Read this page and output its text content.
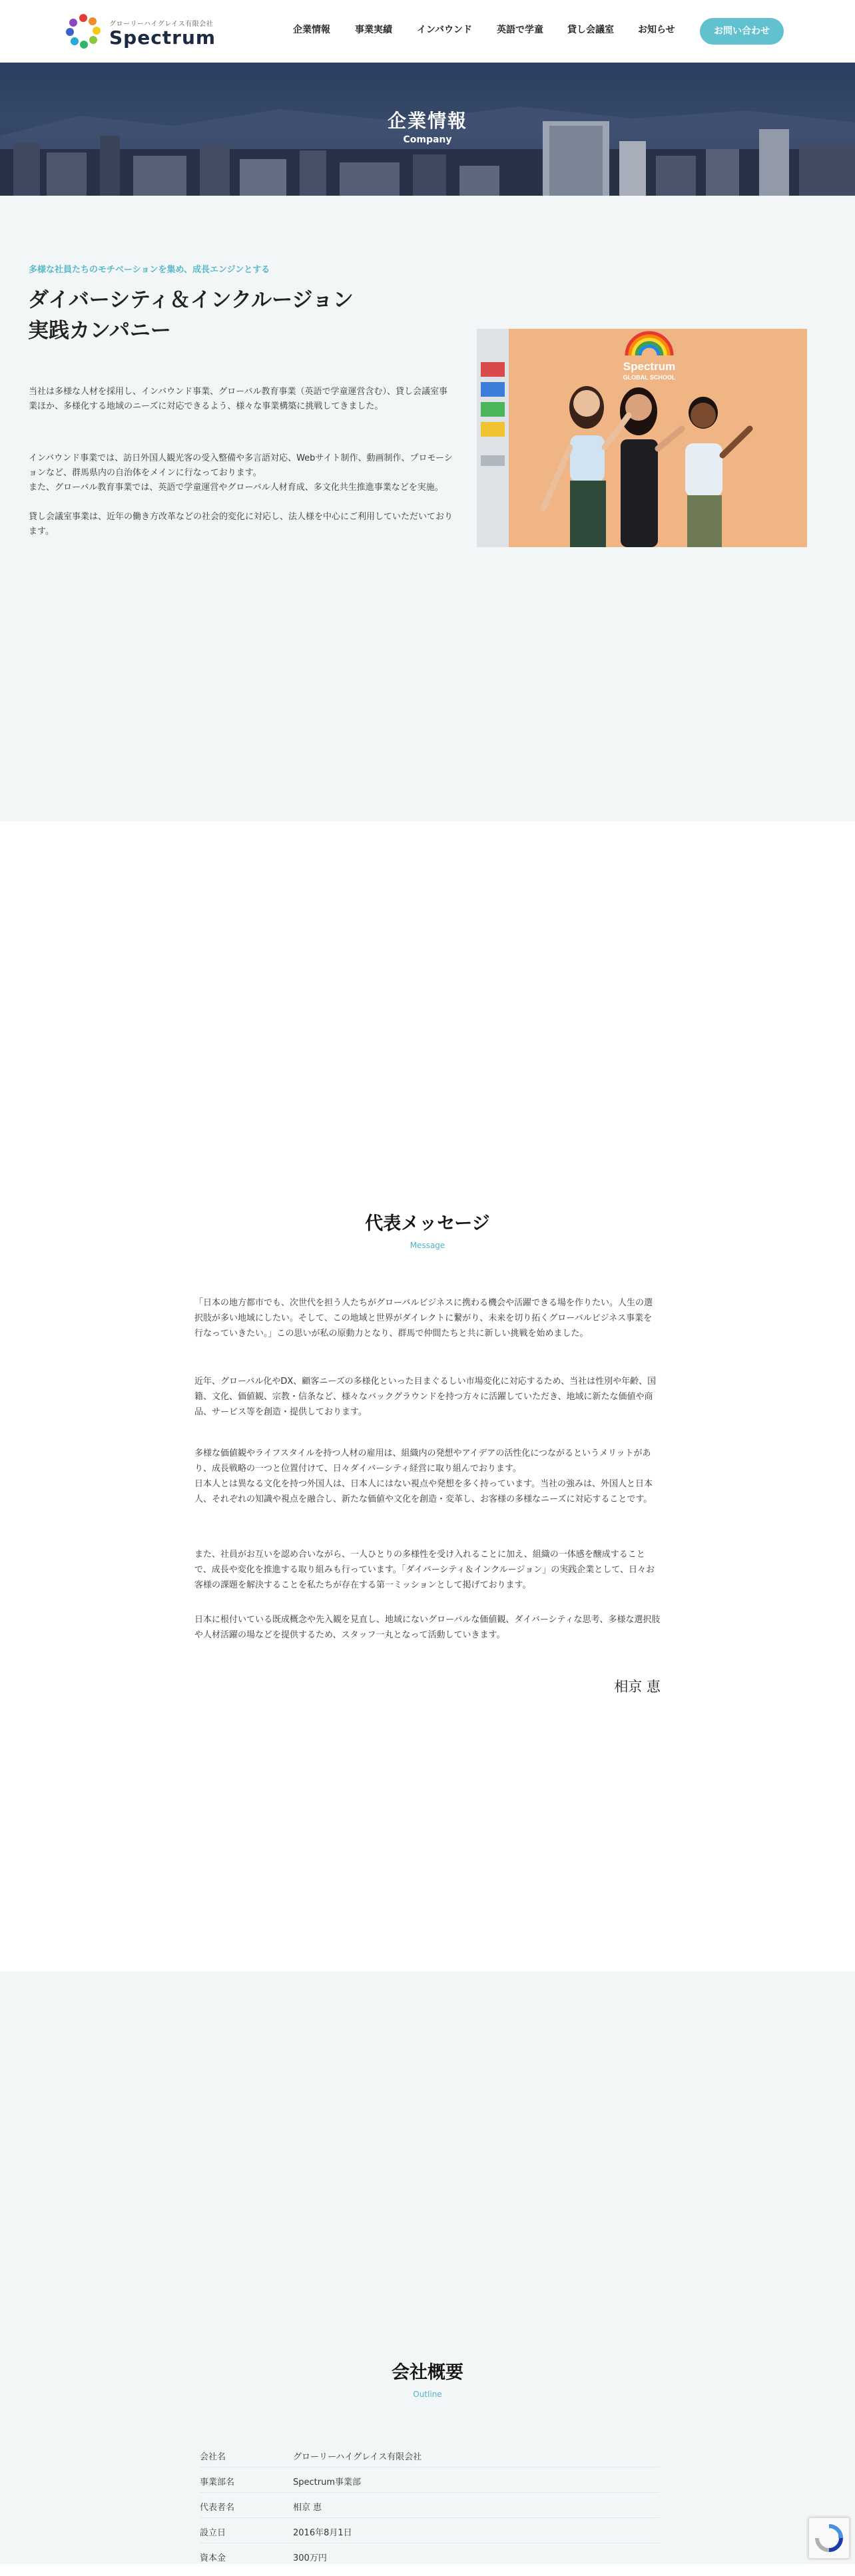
グローリーハイグレイス有限会社
Spectrum	企業情報	事業実績	インバウンド	英語で学童	貸し会議室	お知らせ	お問い合わせ
企業情報
Company
多様な社員たちのモチベーションを集め、成長エンジンとする
ダイバーシティ＆インクルージョン
実践カンパニー
当社は多様な人材を採用し、インバウンド事業、グローバル教育事業（英語で学童運営含む）、貸し会議室事業ほか、多様化する地域のニーズに対応できるよう、様々な事業構築に挑戦してきました。
インバウンド事業では、訪日外国人観光客の受入整備や多言語対応、Webサイト制作、動画制作、プロモーションなど、群馬県内の自治体をメインに行なっております。
また、グローバル教育事業では、英語で学童運営やグローバル人材育成、多文化共生推進事業などを実施。
貸し会議室事業は、近年の働き方改革などの社会的変化に対応し、法人様を中心にご利用していただいております。
Spectrum
GLOBAL SCHOOL
代表メッセージ
Message
「日本の地方都市でも、次世代を担う人たちがグローバルビジネスに携わる機会や活躍できる場を作りたい。人生の選択肢が多い地域にしたい。そして、この地域と世界がダイレクトに繋がり、未来を切り拓くグローバルビジネス事業を行なっていきたい。」この思いが私の原動力となり、群馬で仲間たちと共に新しい挑戦を始めました。
近年、グローバル化やDX、顧客ニーズの多様化といった目まぐるしい市場変化に対応するため、当社は性別や年齢、国籍、文化、価値観、宗教・信条など、様々なバックグラウンドを持つ方々に活躍していただき、地域に新たな価値や商品、サービス等を創造・提供しております。
多様な価値観やライフスタイルを持つ人材の雇用は、組織内の発想やアイデアの活性化につながるというメリットがあり、成長戦略の一つと位置付けて、日々ダイバーシティ経営に取り組んでおります。
日本人とは異なる文化を持つ外国人は、日本人にはない視点や発想を多く持っています。当社の強みは、外国人と日本人、それぞれの知識や視点を融合し、新たな価値や文化を創造・変革し、お客様の多様なニーズに対応することです。
また、社員がお互いを認め合いながら、一人ひとりの多様性を受け入れることに加え、組織の一体感を醸成することで、成長や変化を推進する取り組みも行っています。「ダイバーシティ＆インクルージョン」の実践企業として、日々お客様の課題を解決することを私たちが存在する第一ミッションとして掲げております。
日本に根付いている既成概念や先入観を見直し、地域にないグローバルな価値観、ダイバーシティな思考、多様な選択肢や人材活躍の場などを提供するため、スタッフ一丸となって活動していきます。
相京 恵
会社概要
Outline
会社名	グローリーハイグレイス有限会社
事業部名	Spectrum事業部
代表者名	相京 恵
設立日	2016年8月1日
資本金	300万円
